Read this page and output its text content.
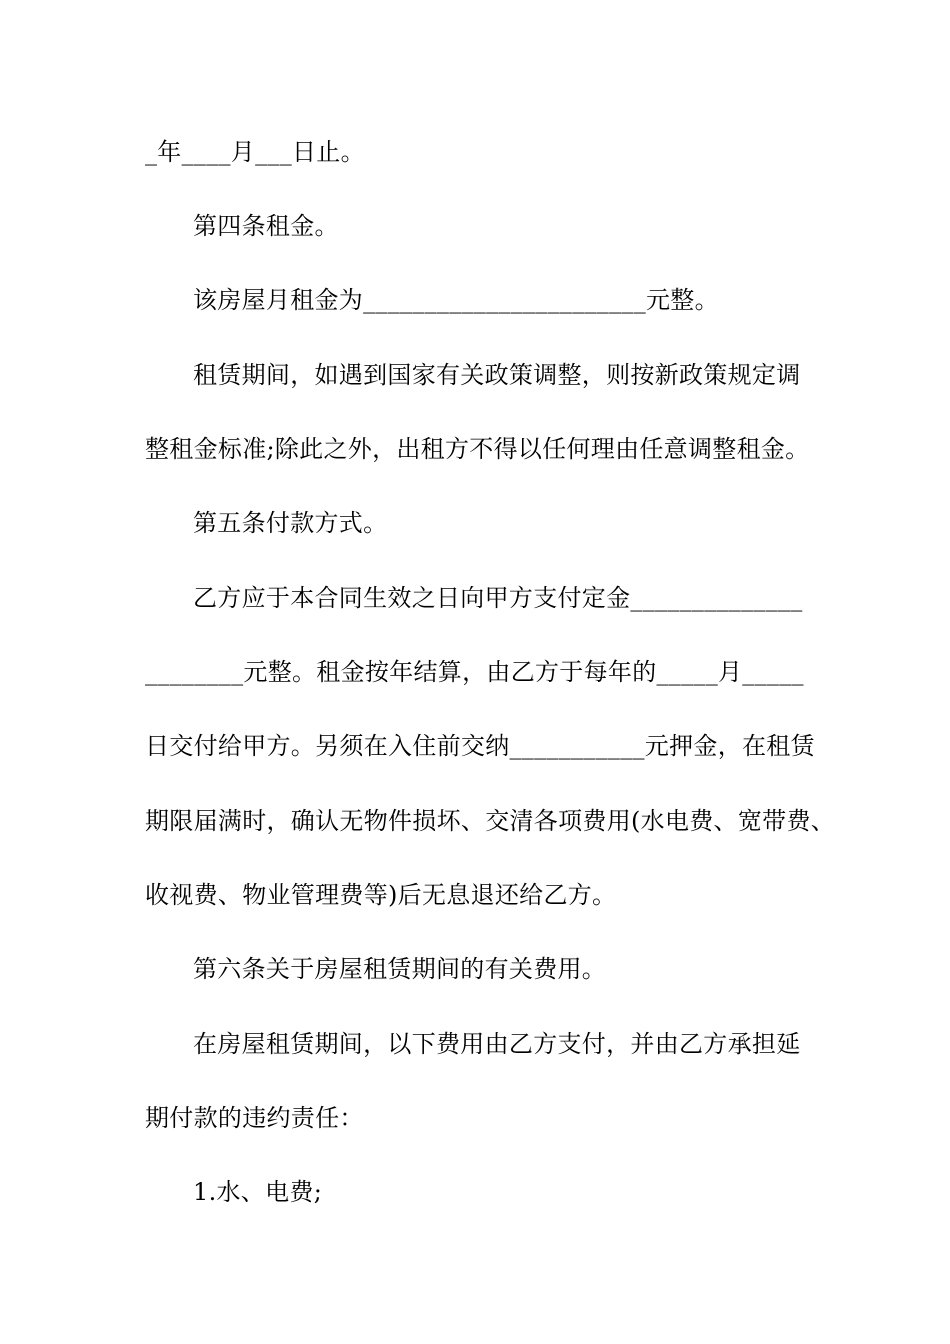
_年____月___日止。
第四条租金。
该房屋月租金为_______________________元整。
租赁期间，如遇到国家有关政策调整，则按新政策规定调
整租金标准;除此之外，出租方不得以任何理由任意调整租金。
第五条付款方式。
乙方应于本合同生效之日向甲方支付定金______________
________元整。租金按年结算，由乙方于每年的_____月_____
日交付给甲方。另须在入住前交纳___________元押金，在租赁
期限届满时，确认无物件损坏、交清各项费用(水电费、宽带费、
收视费、物业管理费等)后无息退还给乙方。
第六条关于房屋租赁期间的有关费用。
在房屋租赁期间，以下费用由乙方支付，并由乙方承担延
期付款的违约责任：
1.水、电费;
